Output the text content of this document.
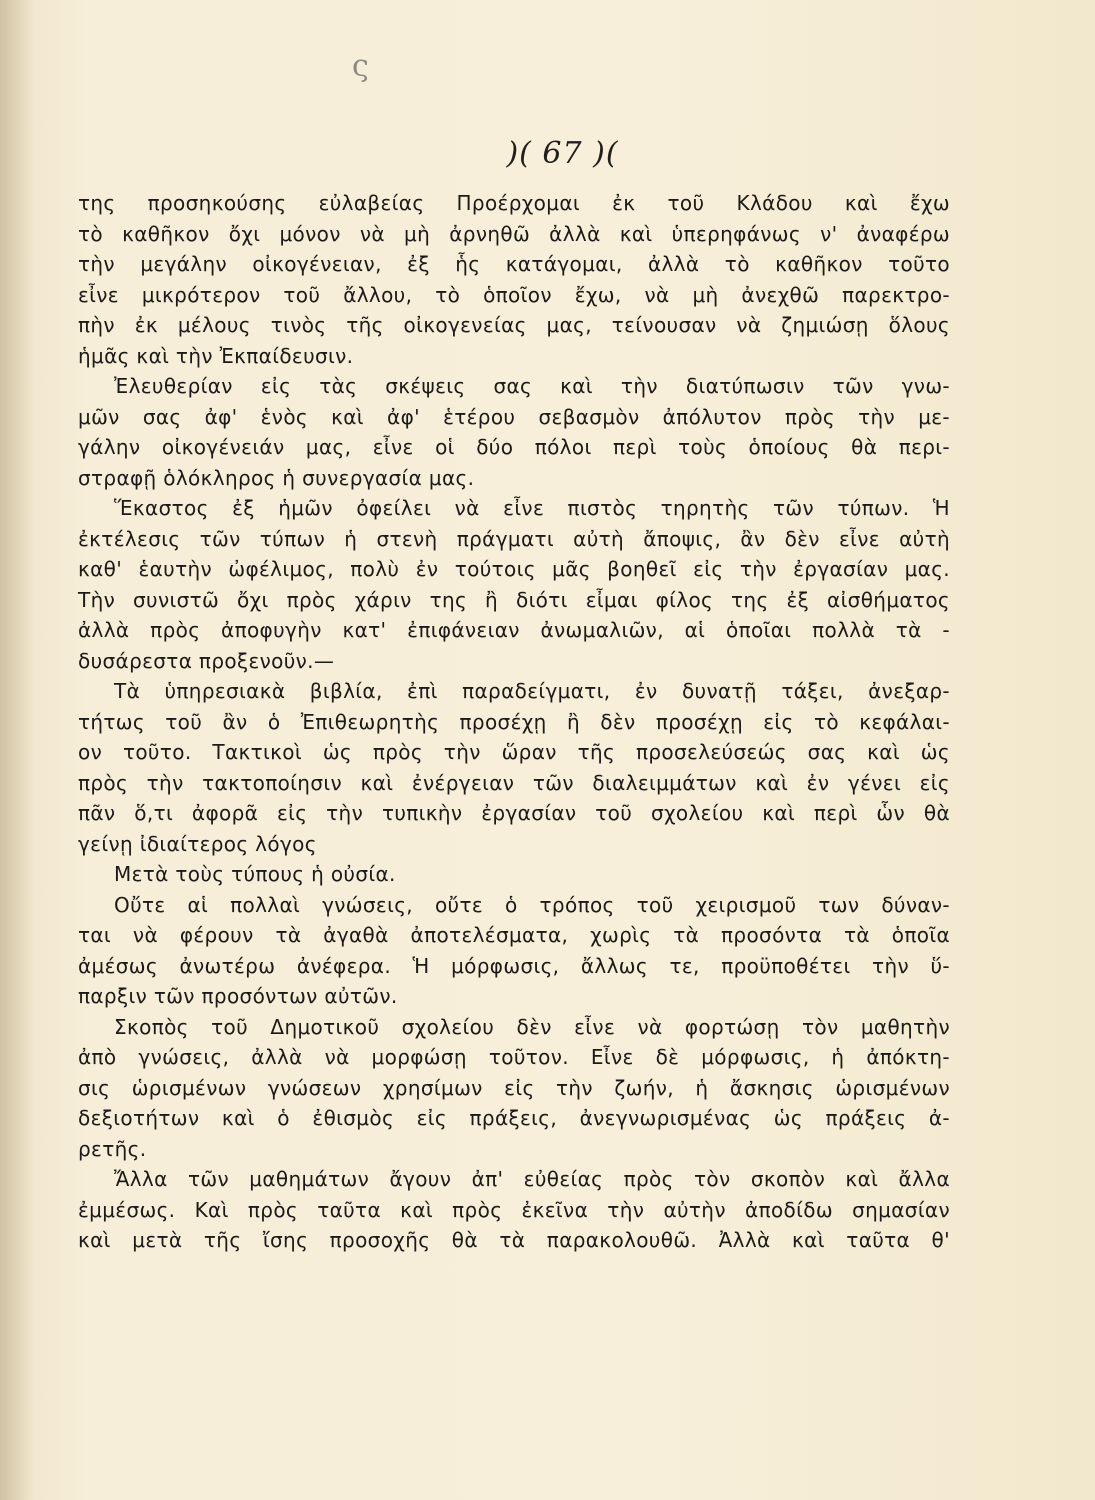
ς
)( 67 )(
της προσηκούσης εὐλαβείας Προέρχομαι ἐκ τοῦ Κλάδου καὶ ἔχω
τὸ καθῆκον ὄχι μόνον νὰ μὴ ἀρνηθῶ ἀλλὰ καὶ ὑπερηφάνως ν' ἀναφέρω
τὴν μεγάλην οἰκογένειαν, ἐξ ἧς κατάγομαι, ἀλλὰ τὸ καθῆκον τοῦτο
εἶνε μικρότερον τοῦ ἄλλου, τὸ ὁποῖον ἔχω, νὰ μὴ ἀνεχθῶ παρεκτρο-
πὴν ἐκ μέλους τινὸς τῆς οἰκογενείας μας, τείνουσαν νὰ ζημιώσῃ ὅλους
ἡμᾶς καὶ τὴν Ἐκπαίδευσιν.
Ἐλευθερίαν εἰς τὰς σκέψεις σας καὶ τὴν διατύπωσιν τῶν γνω-
μῶν σας ἀφ' ἑνὸς καὶ ἀφ' ἑτέρου σεβασμὸν ἀπόλυτον πρὸς τὴν με-
γάλην οἰκογένειάν μας, εἶνε οἱ δύο πόλοι περὶ τοὺς ὁποίους θὰ περι-
στραφῇ ὁλόκληρος ἡ συνεργασία μας.
Ἕκαστος ἐξ ἡμῶν ὀφείλει νὰ εἶνε πιστὸς τηρητὴς τῶν τύπων. Ἡ
ἐκτέλεσις τῶν τύπων ἡ στενὴ πράγματι αὐτὴ ἄποψις, ἂν δὲν εἶνε αὐτὴ
καθ' ἑαυτὴν ὠφέλιμος, πολὺ ἐν τούτοις μᾶς βοηθεῖ εἰς τὴν ἐργασίαν μας.
Τὴν συνιστῶ ὄχι πρὸς χάριν της ἢ διότι εἶμαι φίλος της ἐξ αἰσθήματος
ἀλλὰ πρὸς ἀποφυγὴν κατ' ἐπιφάνειαν ἀνωμαλιῶν, αἱ ὁποῖαι πολλὰ τὰ -
δυσάρεστα προξενοῦν.—
Τὰ ὑπηρεσιακὰ βιβλία, ἐπὶ παραδείγματι, ἐν δυνατῇ τάξει, ἀνεξαρ-
τήτως τοῦ ἂν ὁ Ἐπιθεωρητὴς προσέχῃ ἢ δὲν προσέχῃ εἰς τὸ κεφάλαι-
ον τοῦτο. Τακτικοὶ ὡς πρὸς τὴν ὥραν τῆς προσελεύσεώς σας καὶ ὡς
πρὸς τὴν τακτοποίησιν καὶ ἐνέργειαν τῶν διαλειμμάτων καὶ ἐν γένει εἰς
πᾶν ὅ,τι ἀφορᾶ εἰς τὴν τυπικὴν ἐργασίαν τοῦ σχολείου καὶ περὶ ὧν θὰ
γείνῃ ἰδιαίτερος λόγος
Μετὰ τοὺς τύπους ἡ οὐσία.
Οὔτε αἱ πολλαὶ γνώσεις, οὔτε ὁ τρόπος τοῦ χειρισμοῦ των δύναν-
ται νὰ φέρουν τὰ ἀγαθὰ ἀποτελέσματα, χωρὶς τὰ προσόντα τὰ ὁποῖα
ἀμέσως ἀνωτέρω ἀνέφερα. Ἡ μόρφωσις, ἄλλως τε, προϋποθέτει τὴν ὕ-
παρξιν τῶν προσόντων αὐτῶν.
Σκοπὸς τοῦ Δημοτικοῦ σχολείου δὲν εἶνε νὰ φορτώσῃ τὸν μαθητὴν
ἀπὸ γνώσεις, ἀλλὰ νὰ μορφώσῃ τοῦτον. Εἶνε δὲ μόρφωσις, ἡ ἀπόκτη-
σις ὡρισμένων γνώσεων χρησίμων εἰς τὴν ζωήν, ἡ ἄσκησις ὡρισμένων
δεξιοτήτων καὶ ὁ ἐθισμὸς εἰς πράξεις, ἀνεγνωρισμένας ὡς πράξεις ἀ-
ρετῆς.
Ἄλλα τῶν μαθημάτων ἄγουν ἀπ' εὐθείας πρὸς τὸν σκοπὸν καὶ ἄλλα
ἐμμέσως. Καὶ πρὸς ταῦτα καὶ πρὸς ἐκεῖνα τὴν αὐτὴν ἀποδίδω σημασίαν
καὶ μετὰ τῆς ἴσης προσοχῆς θὰ τὰ παρακολουθῶ. Ἀλλὰ καὶ ταῦτα θ'
